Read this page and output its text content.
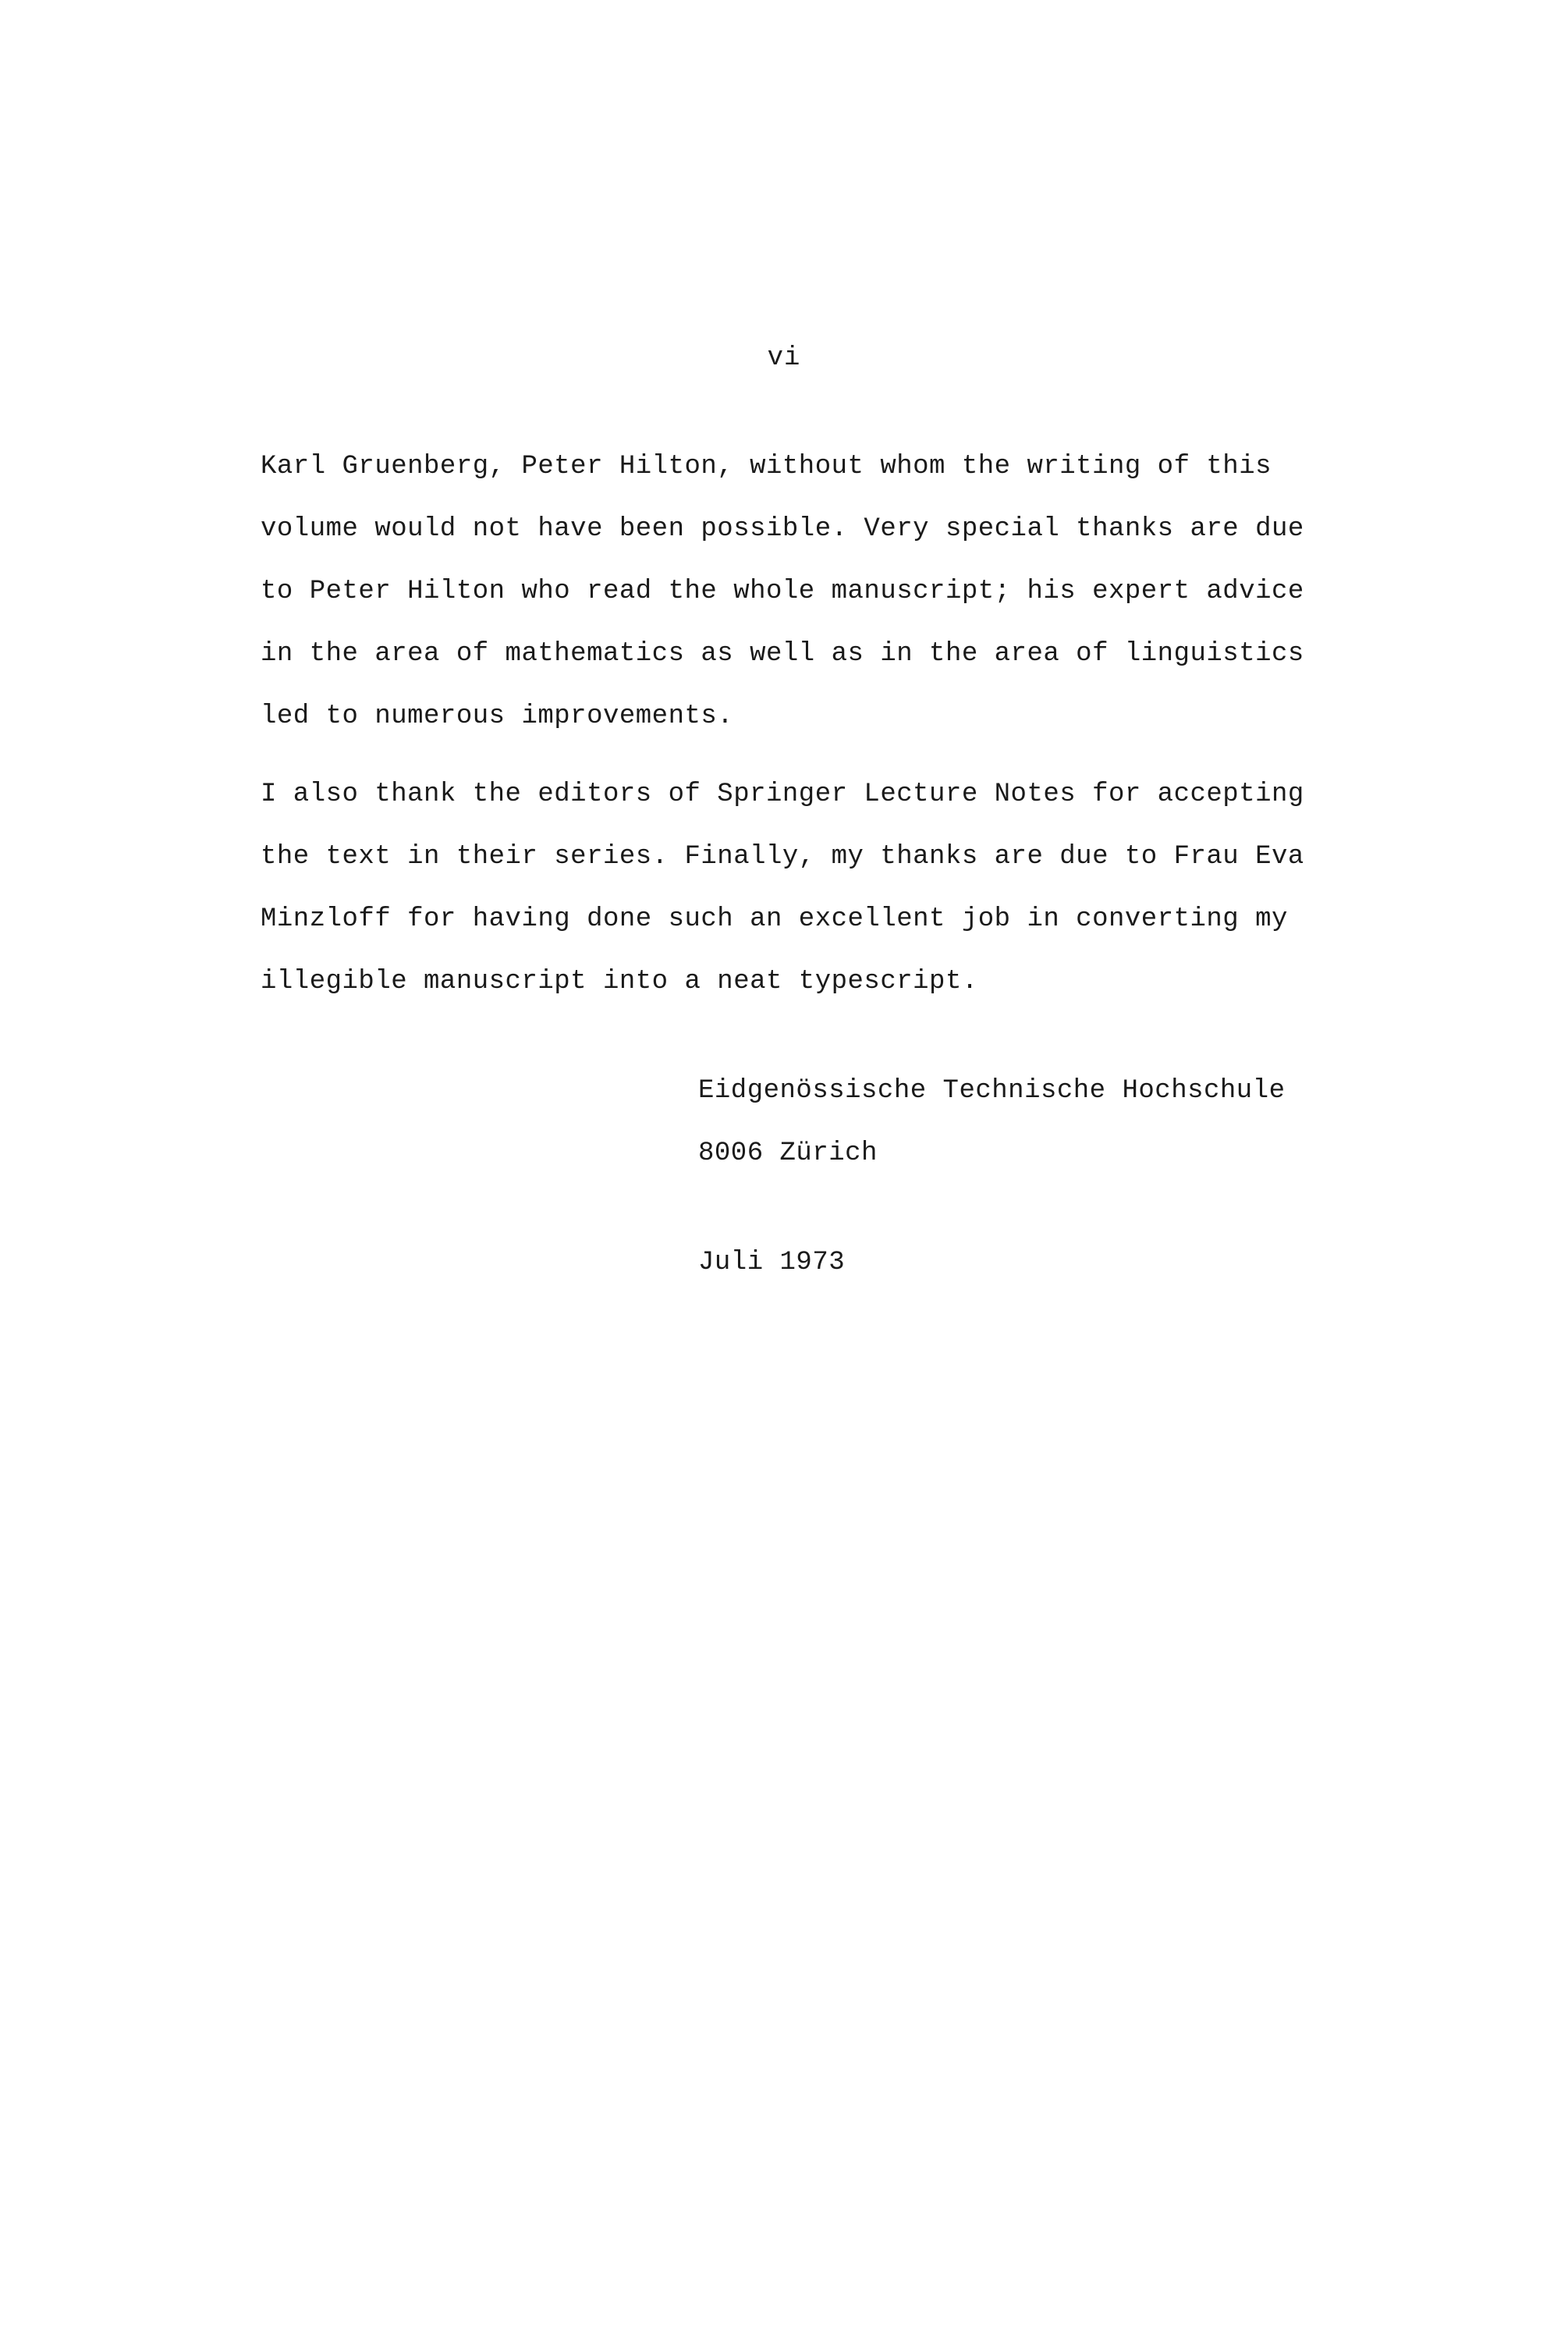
vi
Karl Gruenberg, Peter Hilton, without whom the writing of this
volume would not have been possible. Very special thanks are due
to Peter Hilton who read the whole manuscript; his expert advice
in the area of mathematics as well as in the area of linguistics
led to numerous improvements.
I also thank the editors of Springer Lecture Notes for accepting
the text in their series. Finally, my thanks are due to Frau Eva
Minzloff for having done such an excellent job in converting my
illegible manuscript into a neat typescript.
Eidgenössische Technische Hochschule
8006 Zürich
Juli 1973
